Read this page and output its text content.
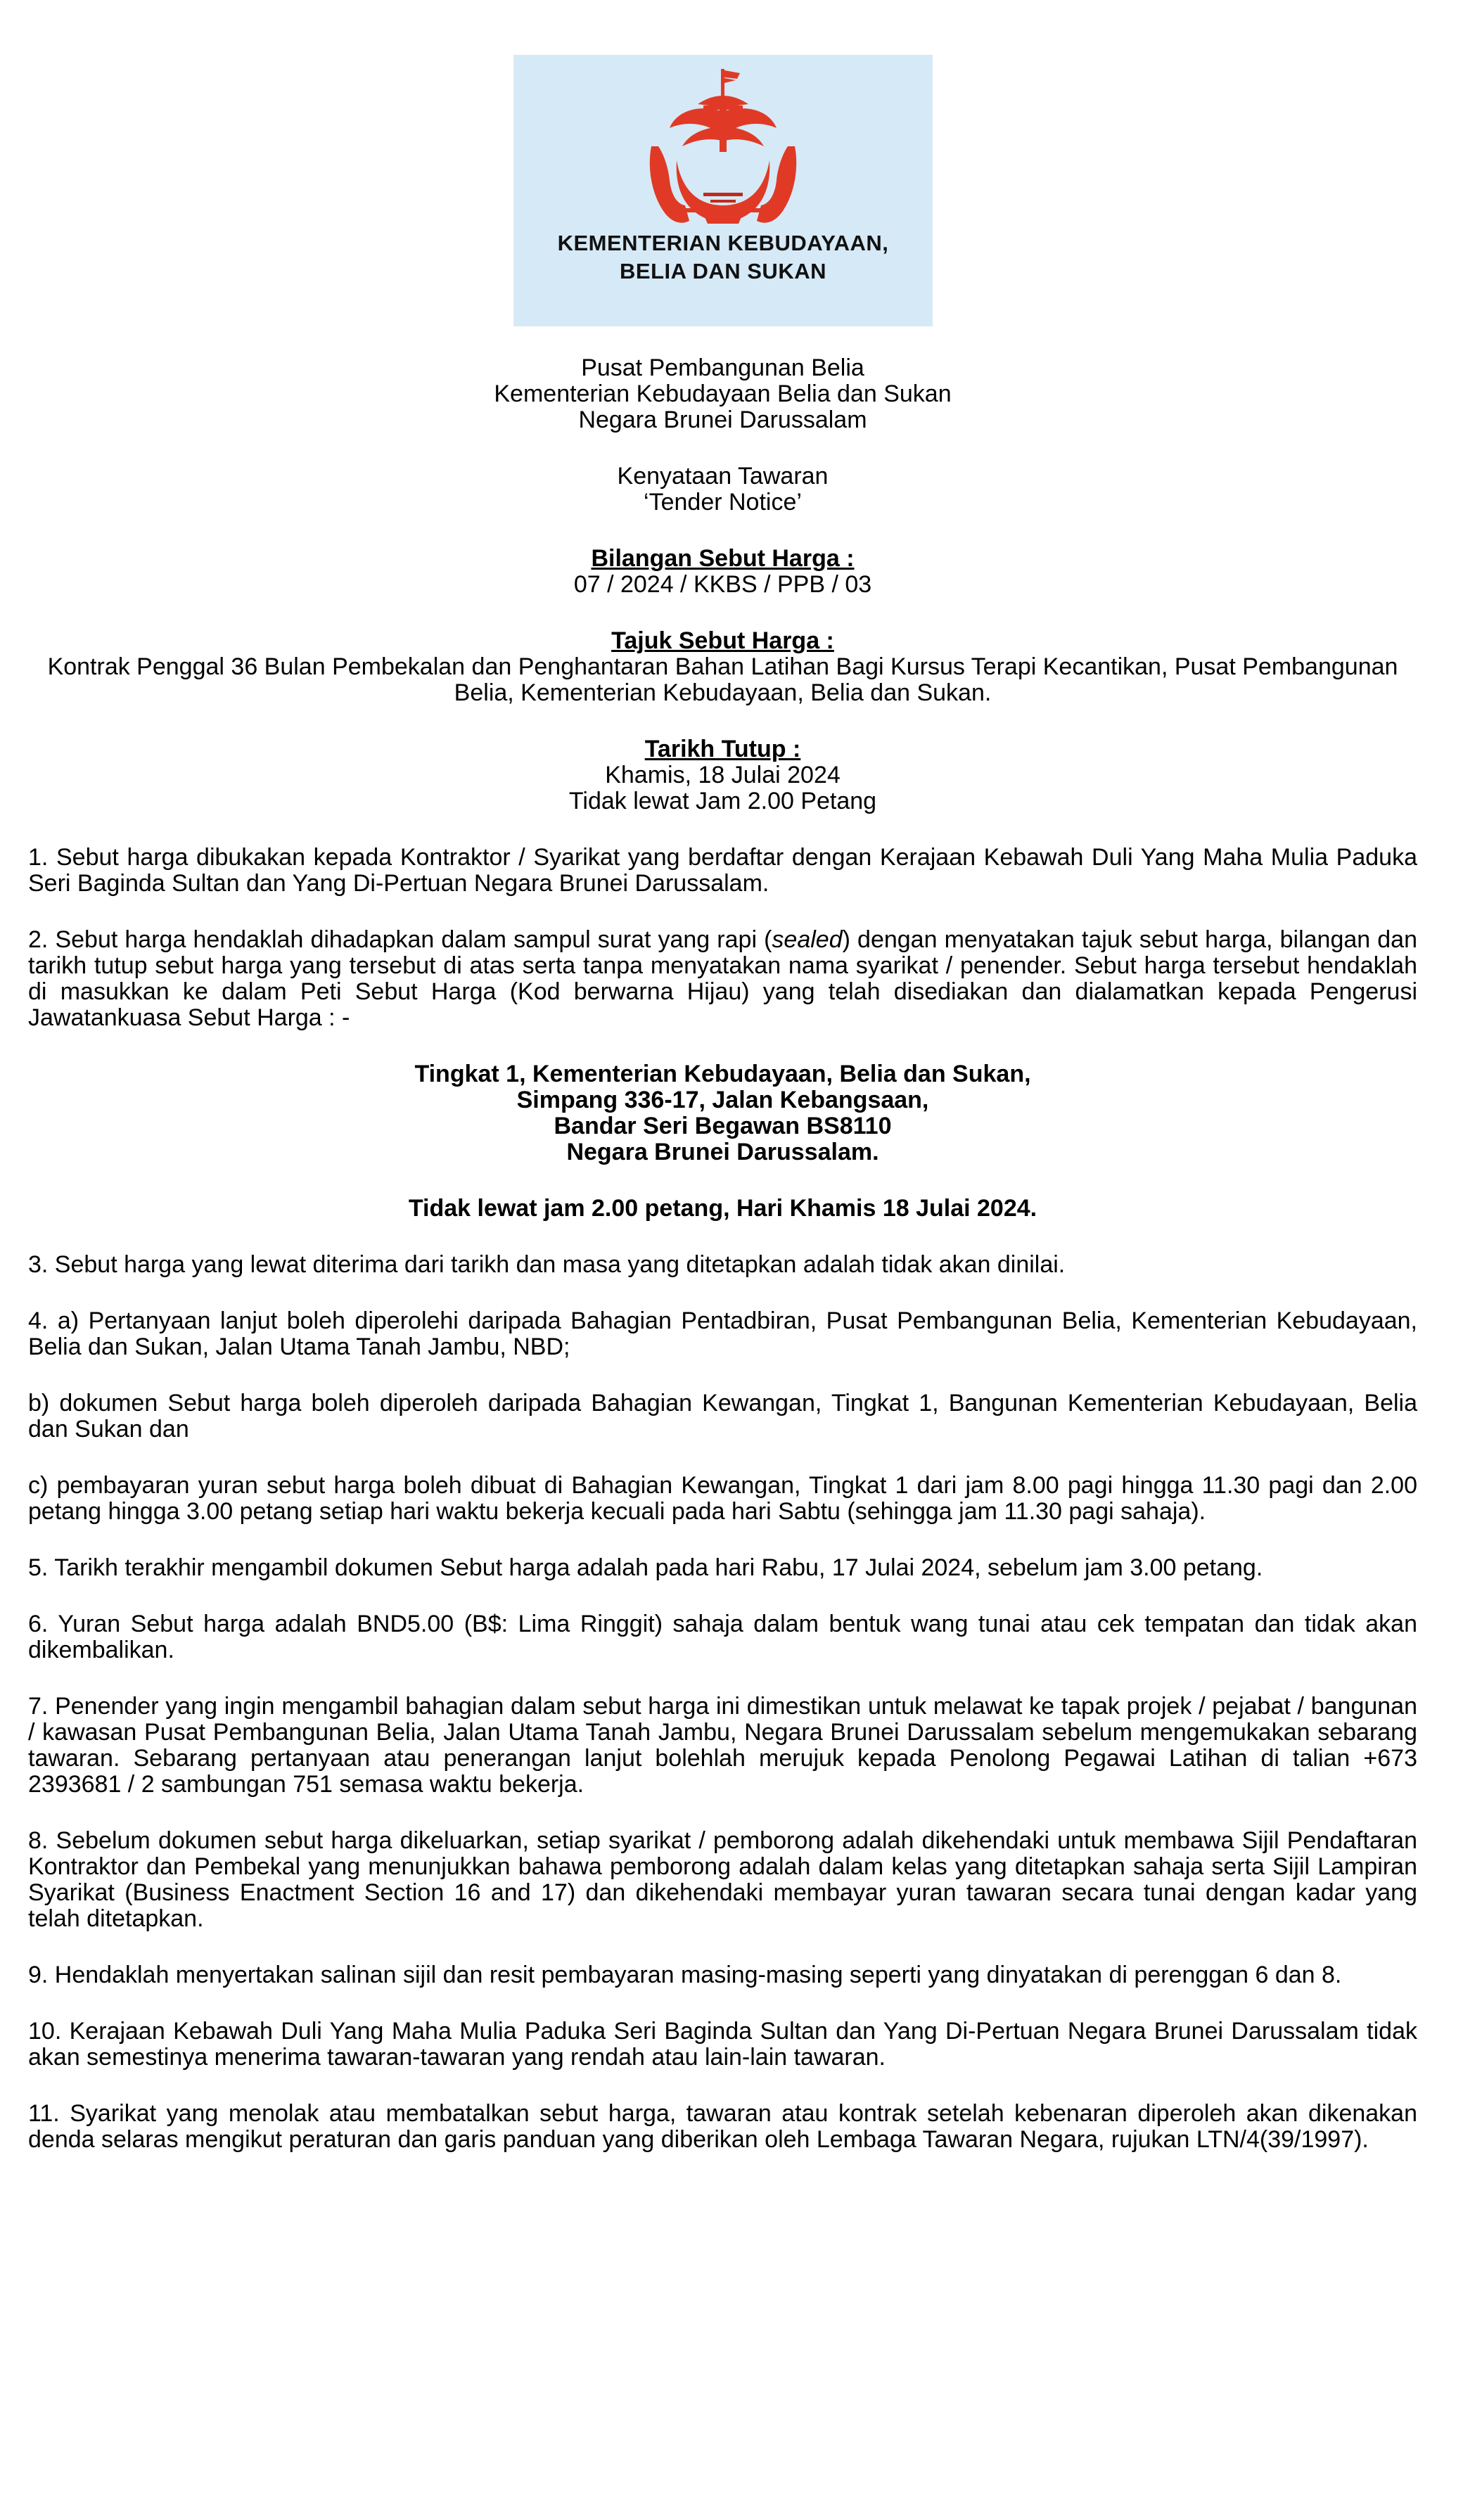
KEMENTERIAN KEBUDAYAAN,
BELIA DAN SUKAN

Pusat Pembangunan Belia

Kementerian Kebudayaan Belia dan Sukan

Negara Brunei Darussalam

Kenyataan Tawaran

‘Tender Notice’

Bilangan Sebut Harga :

07 / 2024 / KKBS / PPB / 03

Tajuk Sebut Harga :

Kontrak Penggal 36 Bulan Pembekalan dan Penghantaran Bahan Latihan Bagi Kursus Terapi Kecantikan, Pusat Pembangunan Belia, Kementerian Kebudayaan, Belia dan Sukan.

Tarikh Tutup :

Khamis, 18 Julai 2024

Tidak lewat Jam 2.00 Petang

1. Sebut harga dibukakan kepada Kontraktor / Syarikat yang berdaftar dengan Kerajaan Kebawah Duli Yang Maha Mulia Paduka Seri Baginda Sultan dan Yang Di-Pertuan Negara Brunei Darussalam.

2. Sebut harga hendaklah dihadapkan dalam sampul surat yang rapi (sealed) dengan menyatakan tajuk sebut harga, bilangan dan tarikh tutup sebut harga yang tersebut di atas serta tanpa menyatakan nama syarikat / penender. Sebut harga tersebut hendaklah di masukkan ke dalam Peti Sebut Harga (Kod berwarna Hijau) yang telah disediakan dan dialamatkan kepada Pengerusi Jawatankuasa Sebut Harga : -

Tingkat 1, Kementerian Kebudayaan, Belia dan Sukan,

Simpang 336-17, Jalan Kebangsaan,

Bandar Seri Begawan BS8110

Negara Brunei Darussalam.

Tidak lewat jam 2.00 petang, Hari Khamis 18 Julai 2024.

3. Sebut harga yang lewat diterima dari tarikh dan masa yang ditetapkan adalah tidak akan dinilai.

4. a) Pertanyaan lanjut boleh diperolehi daripada Bahagian Pentadbiran, Pusat Pembangunan Belia, Kementerian Kebudayaan, Belia dan Sukan, Jalan Utama Tanah Jambu, NBD;

b) dokumen Sebut harga boleh diperoleh daripada Bahagian Kewangan, Tingkat 1, Bangunan Kementerian Kebudayaan, Belia dan Sukan dan

c) pembayaran yuran sebut harga boleh dibuat di Bahagian Kewangan, Tingkat 1 dari jam 8.00 pagi hingga 11.30 pagi dan 2.00 petang hingga 3.00 petang setiap hari waktu bekerja kecuali pada hari Sabtu (sehingga jam 11.30 pagi sahaja).

5. Tarikh terakhir mengambil dokumen Sebut harga adalah pada hari Rabu, 17 Julai 2024, sebelum jam 3.00 petang.

6. Yuran Sebut harga adalah BND5.00 (B$: Lima Ringgit) sahaja dalam bentuk wang tunai atau cek tempatan dan tidak akan dikembalikan.

7. Penender yang ingin mengambil bahagian dalam sebut harga ini dimestikan untuk melawat ke tapak projek / pejabat / bangunan / kawasan Pusat Pembangunan Belia, Jalan Utama Tanah Jambu, Negara Brunei Darussalam sebelum mengemukakan sebarang tawaran. Sebarang pertanyaan atau penerangan lanjut bolehlah merujuk kepada Penolong Pegawai Latihan di talian +673 2393681 / 2 sambungan 751 semasa waktu bekerja.

8. Sebelum dokumen sebut harga dikeluarkan, setiap syarikat / pemborong adalah dikehendaki untuk membawa Sijil Pendaftaran Kontraktor dan Pembekal yang menunjukkan bahawa pemborong adalah dalam kelas yang ditetapkan sahaja serta Sijil Lampiran Syarikat (Business Enactment Section 16 and 17) dan dikehendaki membayar yuran tawaran secara tunai dengan kadar yang telah ditetapkan.

9. Hendaklah menyertakan salinan sijil dan resit pembayaran masing-masing seperti yang dinyatakan di perenggan 6 dan 8.

10. Kerajaan Kebawah Duli Yang Maha Mulia Paduka Seri Baginda Sultan dan Yang Di-Pertuan Negara Brunei Darussalam tidak akan semestinya menerima tawaran-tawaran yang rendah atau lain-lain tawaran.

11. Syarikat yang menolak atau membatalkan sebut harga, tawaran atau kontrak setelah kebenaran diperoleh akan dikenakan denda selaras mengikut peraturan dan garis panduan yang diberikan oleh Lembaga Tawaran Negara, rujukan LTN/4(39/1997).
